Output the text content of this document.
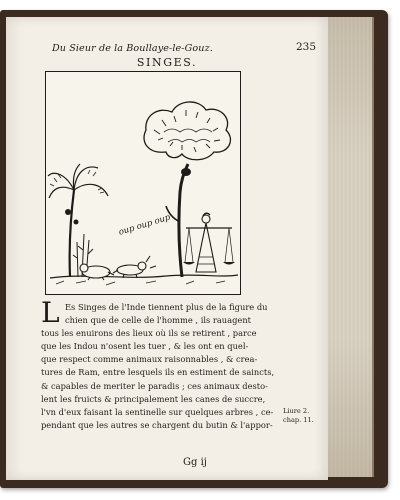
Du Sieur de la Boullaye-le-Gouz.	235
SINGES.
oup oup oup
L Es Singes de l'Inde tiennent plus de la figure du
chien que de celle de l'homme , ils rauagent
tous les enuirons des lieux où ils se retirent , parce
que les Indou n'osent les tuer , & les ont en quel-
que respect comme animaux raisonnables , & crea-
tures de Ram, entre lesquels ils en estiment de saincts,
& capables de meriter le paradis ; ces animaux desto-
lent les fruicts & principalement les canes de succre,
l'vn d'eux faisant la sentinelle sur quelques arbres , ce-
pendant que les autres se chargent du butin & l'appor-
Liure 2.
chap. 11.
Gg ij
